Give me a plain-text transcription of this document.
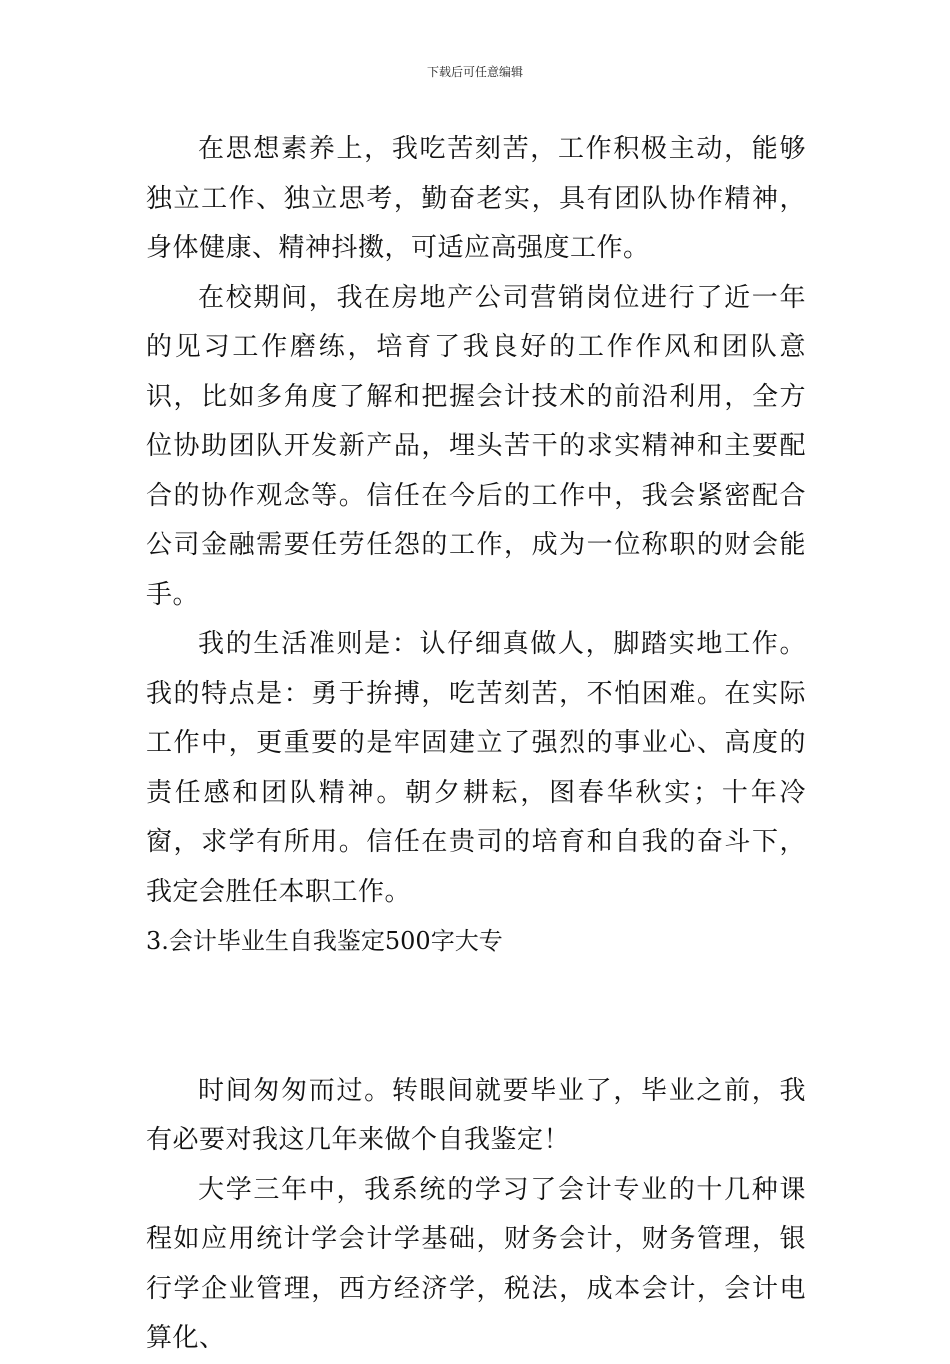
下载后可任意编辑

在思想素养上，我吃苦刻苦，工作积极主动，能够独立工作、独立思考，勤奋老实，具有团队协作精神，身体健康、精神抖擞，可适应高强度工作。

在校期间，我在房地产公司营销岗位进行了近一年的见习工作磨练，培育了我良好的工作作风和团队意识，比如多角度了解和把握会计技术的前沿利用，全方位协助团队开发新产品，埋头苦干的求实精神和主要配合的协作观念等。信任在今后的工作中，我会紧密配合公司金融需要任劳任怨的工作，成为一位称职的财会能手。

我的生活准则是：认仔细真做人，脚踏实地工作。我的特点是：勇于拚搏，吃苦刻苦，不怕困难。在实际工作中，更重要的是牢固建立了强烈的事业心、高度的责任感和团队精神。朝夕耕耘，图春华秋实；十年冷窗，求学有所用。信任在贵司的培育和自我的奋斗下，我定会胜任本职工作。

3.会计毕业生自我鉴定500字大专

时间匆匆而过。转眼间就要毕业了，毕业之前，我有必要对我这几年来做个自我鉴定！

大学三年中，我系统的学习了会计专业的十几种课程如应用统计学会计学基础，财务会计，财务管理，银行学企业管理，西方经济学，税法，成本会计，会计电算化、
